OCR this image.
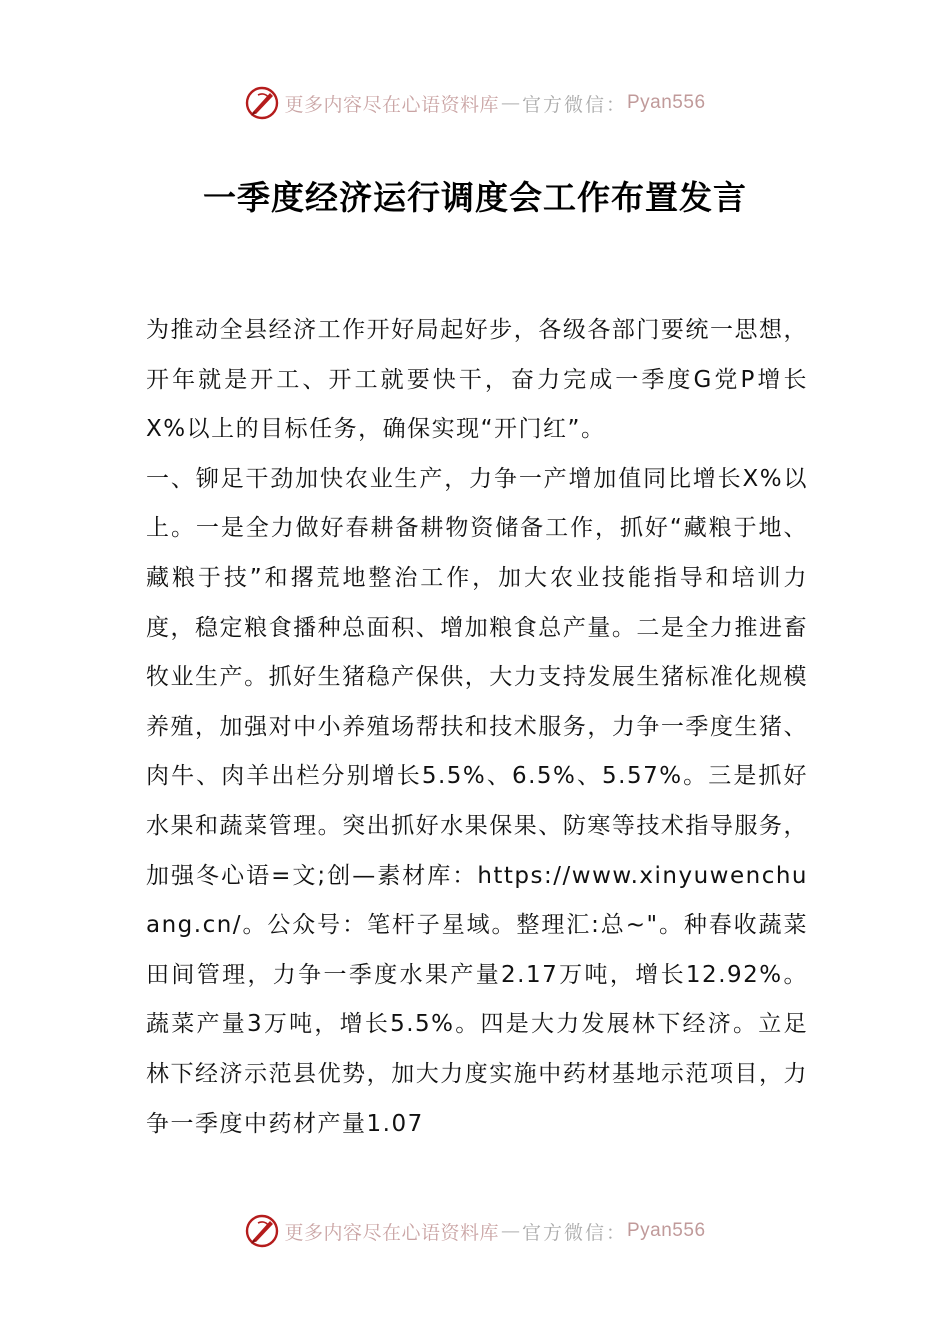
更多内容尽在心语资料库 — 官方微信： Pyan556
一季度经济运行调度会工作布置发言

为推动全县经济工作开好局起好步，各级各部门要统一思想，开年就是开工、开工就要快干，奋力完成一季度G党P增长X%以上的目标任务，确保实现“开门红”。

一、铆足干劲加快农业生产，力争一产增加值同比增长X%以上。一是全力做好春耕备耕物资储备工作，抓好“藏粮于地、藏粮于技”和撂荒地整治工作，加大农业技能指导和培训力度，稳定粮食播种总面积、增加粮食总产量。二是全力推进畜牧业生产。抓好生猪稳产保供，大力支持发展生猪标准化规模养殖，加强对中小养殖场帮扶和技术服务，力争一季度生猪、肉牛、肉羊出栏分别增长5.5%、6.5%、5.57%。三是抓好水果和蔬菜管理。突出抓好水果保果、防寒等技术指导服务，加强冬心语=文;创—素材库：https://www.xinyuwenchuang.cn/。公众号：笔杆子星域。整理汇:总~"。种春收蔬菜田间管理，力争一季度水果产量2.17万吨，增长12.92%。蔬菜产量3万吨，增长5.5%。四是大力发展林下经济。立足林下经济示范县优势，加大力度实施中药材基地示范项目，力争一季度中药材产量1.07

更多内容尽在心语资料库 — 官方微信： Pyan556
